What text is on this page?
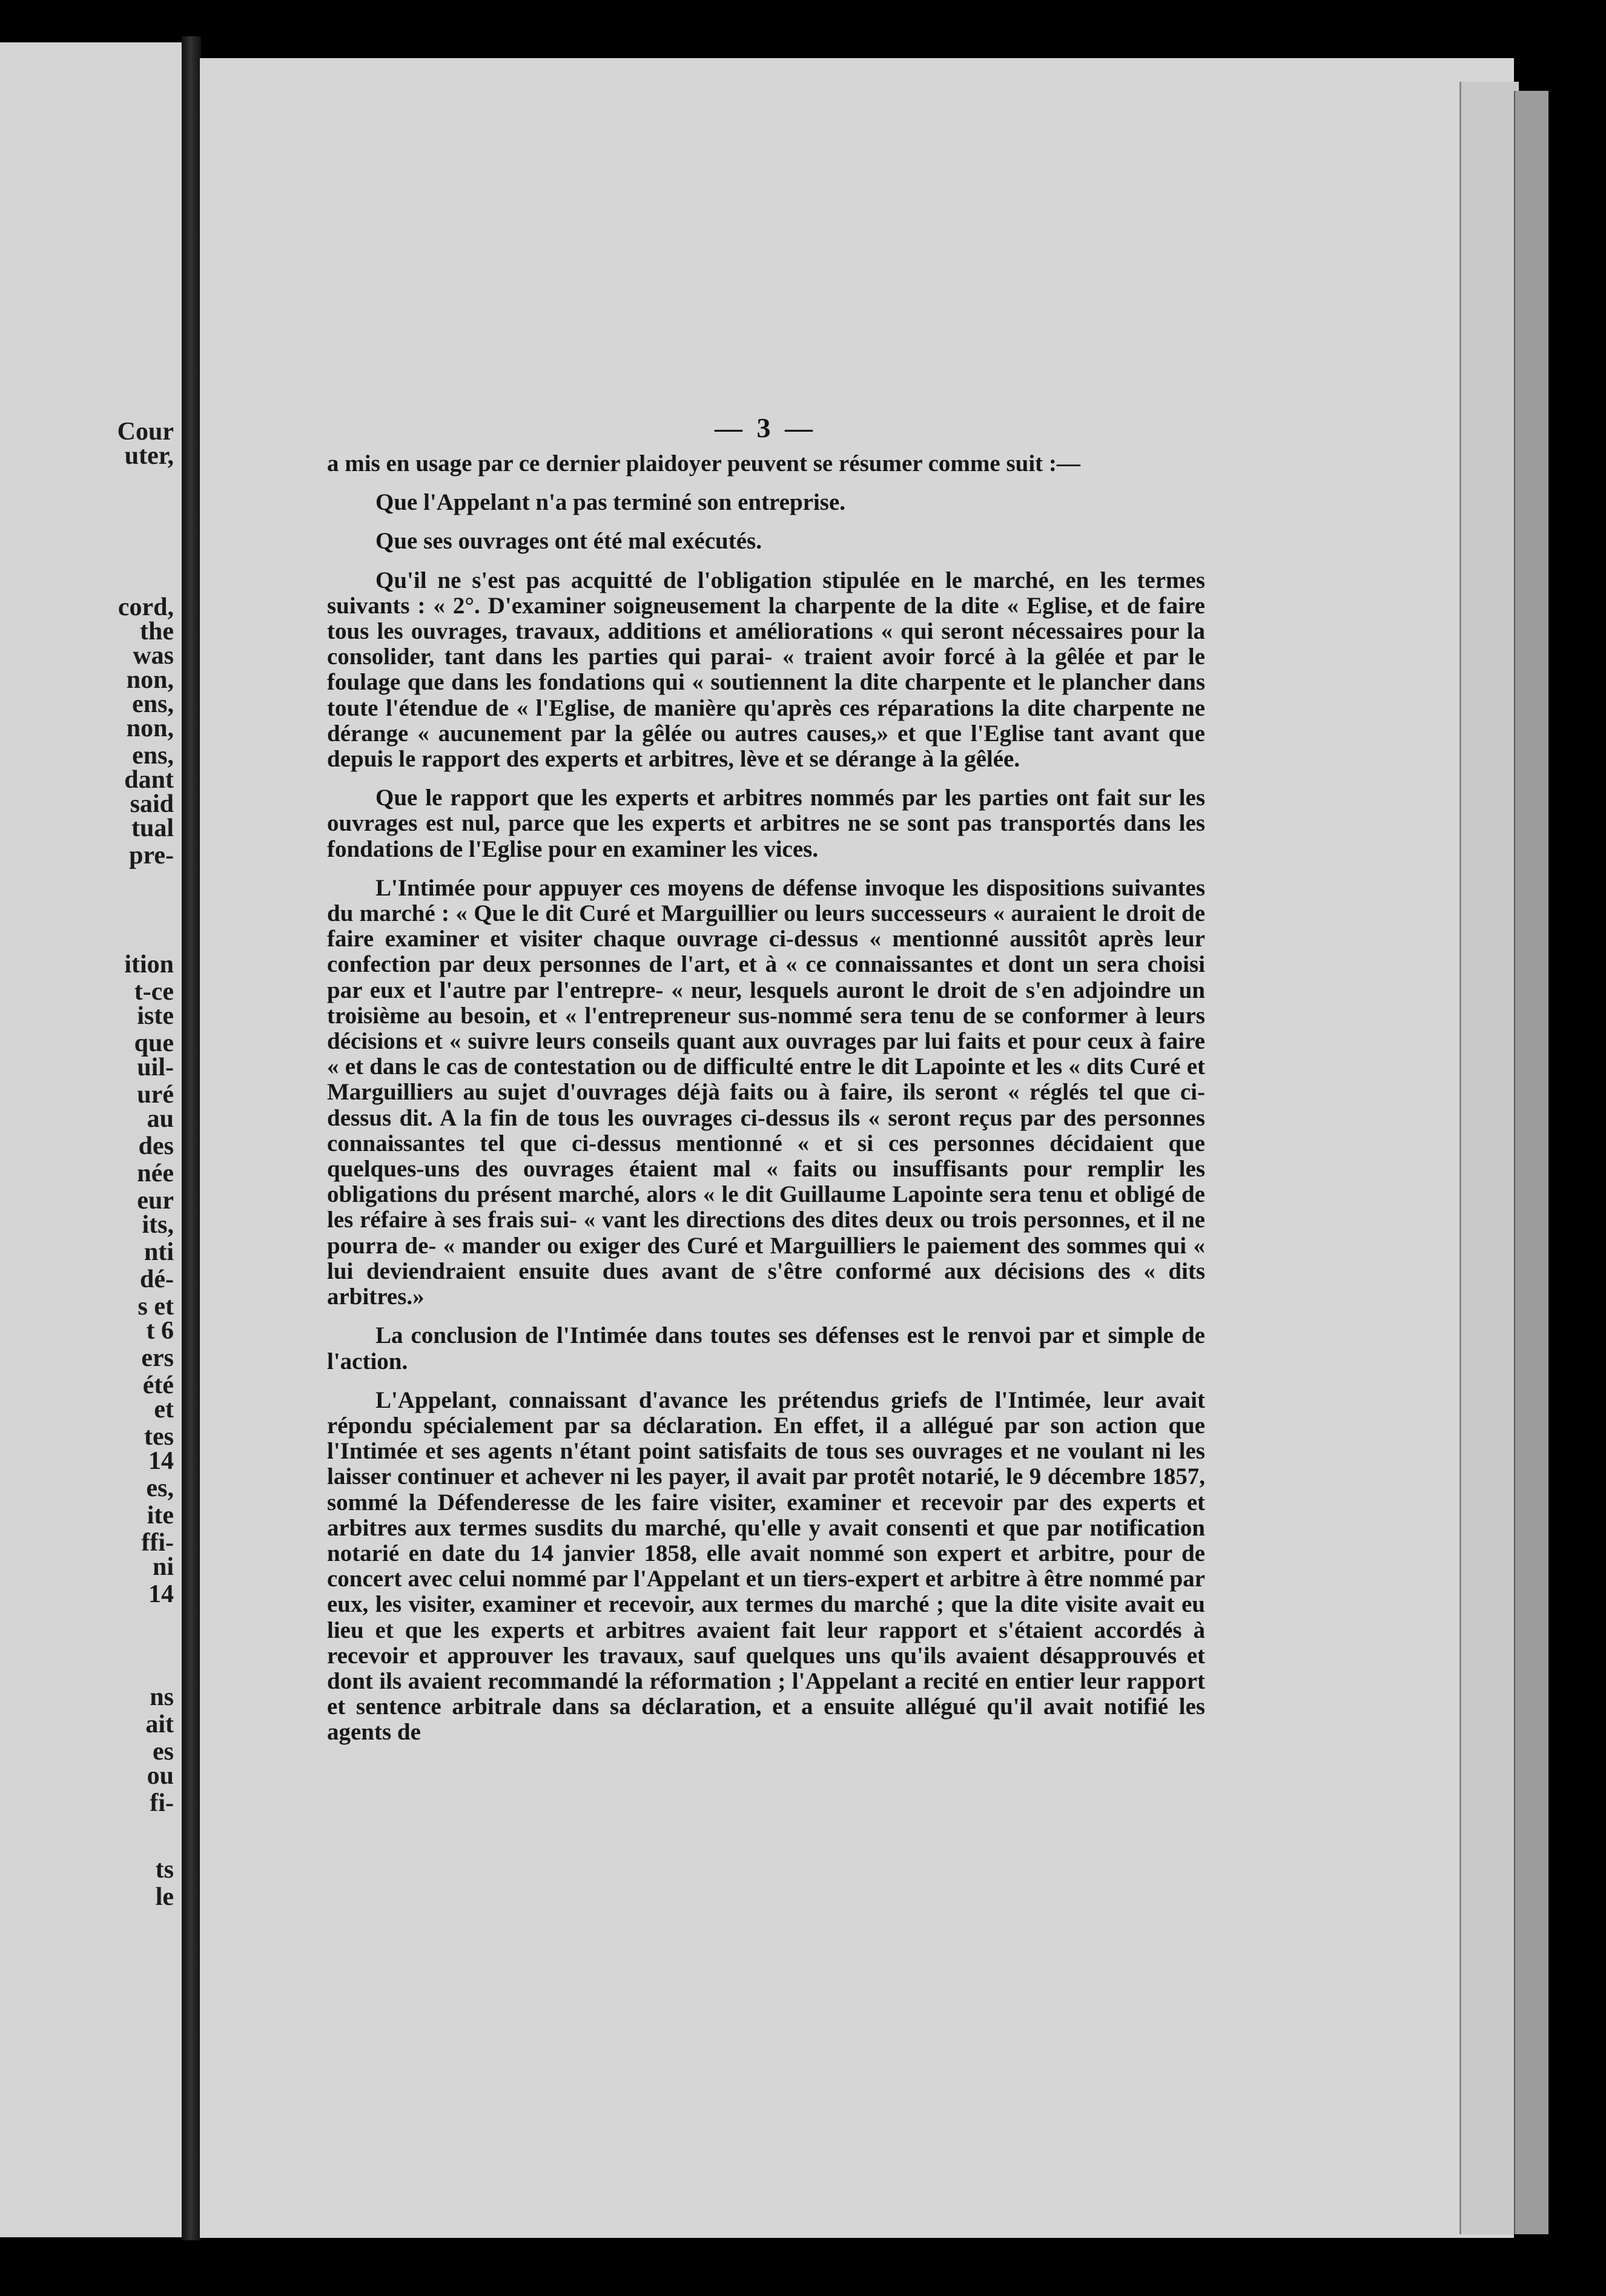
Cour
uter,
cord,
the
was
non,
ens,
non,
ens,
dant
said
tual
pre-
ition
t-ce
iste
que
uil-
uré
au
des
née
eur
its,
nti
dé-
s et
t 6
ers
été
et
tes
14
es,
ite
ffi-
ni
14
ns
ait
es
ou
fi-
ts
le
— 3 —

a mis en usage par ce dernier plaidoyer peuvent se résumer comme suit :—

Que l'Appelant n'a pas terminé son entreprise.

Que ses ouvrages ont été mal exécutés.

Qu'il ne s'est pas acquitté de l'obligation stipulée en le marché, en les termes suivants : « 2°. D'examiner soigneusement la charpente de la dite « Eglise, et de faire tous les ouvrages, travaux, additions et améliorations « qui seront nécessaires pour la consolider, tant dans les parties qui parai- « traient avoir forcé à la gêlée et par le foulage que dans les fondations qui « soutiennent la dite charpente et le plancher dans toute l'étendue de « l'Eglise, de manière qu'après ces réparations la dite charpente ne dérange « aucunement par la gêlée ou autres causes,» et que l'Eglise tant avant que depuis le rapport des experts et arbitres, lève et se dérange à la gêlée.

Que le rapport que les experts et arbitres nommés par les parties ont fait sur les ouvrages est nul, parce que les experts et arbitres ne se sont pas transportés dans les fondations de l'Eglise pour en examiner les vices.

L'Intimée pour appuyer ces moyens de défense invoque les dispositions suivantes du marché : « Que le dit Curé et Marguillier ou leurs successeurs « auraient le droit de faire examiner et visiter chaque ouvrage ci-dessus « mentionné aussitôt après leur confection par deux personnes de l'art, et à « ce connaissantes et dont un sera choisi par eux et l'autre par l'entrepre- « neur, lesquels auront le droit de s'en adjoindre un troisième au besoin, et « l'entrepreneur sus-nommé sera tenu de se conformer à leurs décisions et « suivre leurs conseils quant aux ouvrages par lui faits et pour ceux à faire « et dans le cas de contestation ou de difficulté entre le dit Lapointe et les « dits Curé et Marguilliers au sujet d'ouvrages déjà faits ou à faire, ils seront « réglés tel que ci-dessus dit. A la fin de tous les ouvrages ci-dessus ils « seront reçus par des personnes connaissantes tel que ci-dessus mentionné « et si ces personnes décidaient que quelques-uns des ouvrages étaient mal « faits ou insuffisants pour remplir les obligations du présent marché, alors « le dit Guillaume Lapointe sera tenu et obligé de les réfaire à ses frais sui- « vant les directions des dites deux ou trois personnes, et il ne pourra de- « mander ou exiger des Curé et Marguilliers le paiement des sommes qui « lui deviendraient ensuite dues avant de s'être conformé aux décisions des « dits arbitres.»

La conclusion de l'Intimée dans toutes ses défenses est le renvoi par et simple de l'action.

L'Appelant, connaissant d'avance les prétendus griefs de l'Intimée, leur avait répondu spécialement par sa déclaration. En effet, il a allégué par son action que l'Intimée et ses agents n'étant point satisfaits de tous ses ouvrages et ne voulant ni les laisser continuer et achever ni les payer, il avait par protêt notarié, le 9 décembre 1857, sommé la Défenderesse de les faire visiter, examiner et recevoir par des experts et arbitres aux termes susdits du marché, qu'elle y avait consenti et que par notification notarié en date du 14 janvier 1858, elle avait nommé son expert et arbitre, pour de concert avec celui nommé par l'Appelant et un tiers-expert et arbitre à être nommé par eux, les visiter, examiner et recevoir, aux termes du marché ; que la dite visite avait eu lieu et que les experts et arbitres avaient fait leur rapport et s'étaient accordés à recevoir et approuver les travaux, sauf quelques uns qu'ils avaient désapprouvés et dont ils avaient recommandé la réformation ; l'Appelant a recité en entier leur rapport et sentence arbitrale dans sa déclaration, et a ensuite allégué qu'il avait notifié les agents de
